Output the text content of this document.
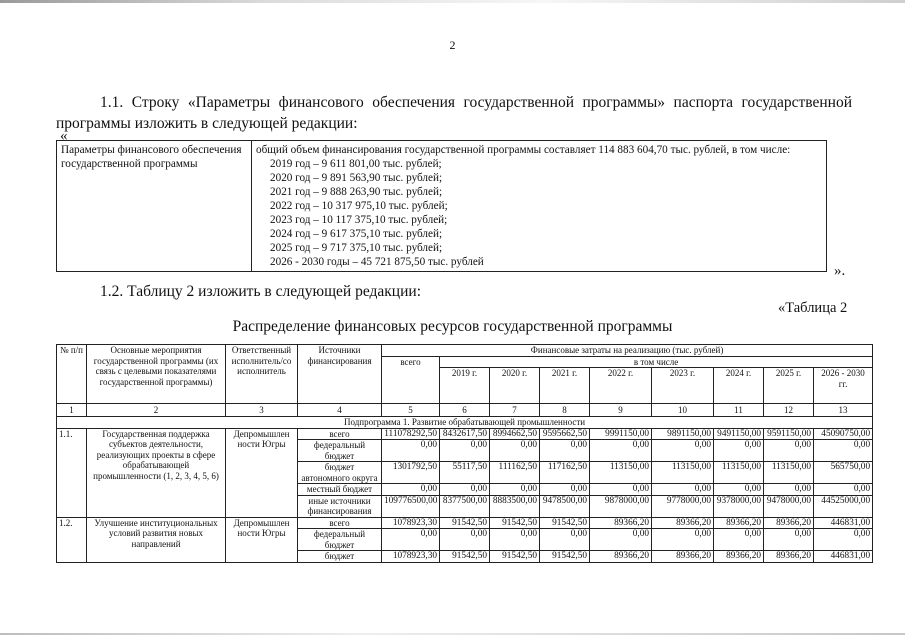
2
1.1. Строку «Параметры финансового обеспечения государственной программы» паспорта государственной программы изложить в следующей редакции:
«
Параметры финансового обеспечения государственной программы	
общий объем финансирования государственной программы составляет 114 883 604,70 тыс. рублей, в том числе:
2019 год – 9 611 801,00 тыс. рублей;
2020 год – 9 891 563,90 тыс. рублей;
2021 год – 9 888 263,90 тыс. рублей;
2022 год – 10 317 975,10 тыс. рублей;
2023 год – 10 117 375,10 тыс. рублей;
2024 год – 9 617 375,10 тыс. рублей;
2025 год – 9 717 375,10 тыс. рублей;
2026 - 2030 годы – 45 721 875,50 тыс. рублей
».
1.2. Таблицу 2 изложить в следующей редакции:
«Таблица 2
Распределение финансовых ресурсов государственной программы
№ п/п	Основные мероприятия государственной программы (их связь с целевыми показателями государственной программы)	Ответственный исполнитель/со исполнитель	Источники финансирования	Финансовые затраты на реализацию (тыс. рублей)								
				всего	в том числе							
					2019 г.	2020 г.	2021 г.	2022 г.	2023 г.	2024 г.	2025 г.	2026 - 2030 гг.
1	2	3	4	5	6	7	8	9	10	11	12	13
Подпрограмма 1. Развитие обрабатывающей промышленности												
1.1.	Государственная поддержка субъектов деятельности, реализующих проекты в сфере обрабатывающей промышленности (1, 2, 3, 4, 5, 6)	Депромышлен ности Югры	всего	111078292,50	8432617,50	8994662,50	9595662,50	9991150,00	9891150,00	9491150,00	9591150,00	45090750,00
			федеральный бюджет	0,00	0,00	0,00	0,00	0,00	0,00	0,00	0,00	0,00
			бюджет автономного округа	1301792,50	55117,50	111162,50	117162,50	113150,00	113150,00	113150,00	113150,00	565750,00
			местный бюджет	0,00	0,00	0,00	0,00	0,00	0,00	0,00	0,00	0,00
			иные источники финансирования	109776500,00	8377500,00	8883500,00	9478500,00	9878000,00	9778000,00	9378000,00	9478000,00	44525000,00
1.2.	Улучшение институциональных условий развития новых направлений	Депромышлен ности Югры	всего	1078923,30	91542,50	91542,50	91542,50	89366,20	89366,20	89366,20	89366,20	446831,00
			федеральный бюджет	0,00	0,00	0,00	0,00	0,00	0,00	0,00	0,00	0,00
			бюджет	1078923,30	91542,50	91542,50	91542,50	89366,20	89366,20	89366,20	89366,20	446831,00
